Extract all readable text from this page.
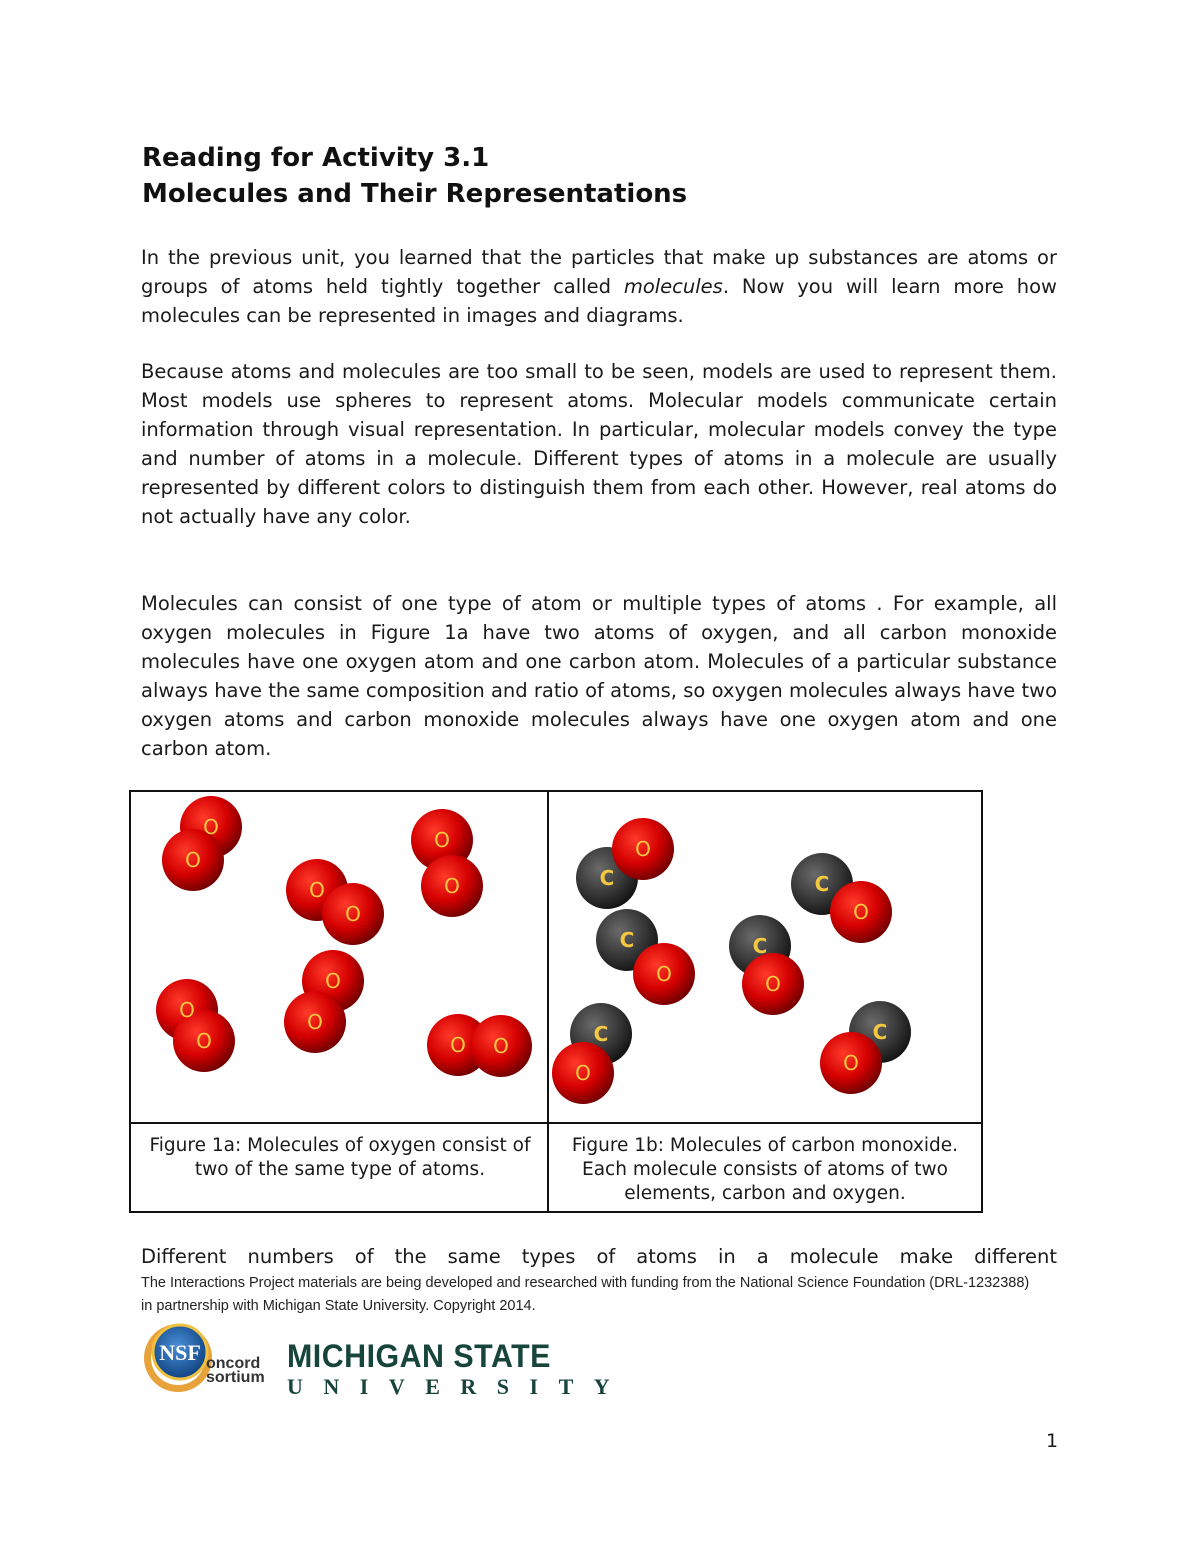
Reading for Activity 3.1
Molecules and Their Representations
In the previous unit, you learned that the particles that make up substances are atoms or groups of atoms held tightly together called molecules. Now you will learn more how molecules can be represented in images and diagrams.
Because atoms and molecules are too small to be seen, models are used to represent them. Most models use spheres to represent atoms. Molecular models communicate certain information through visual representation. In particular, molecular models convey the type and number of atoms in a molecule. Different types of atoms in a molecule are usually represented by different colors to distinguish them from each other. However, real atoms do not actually have any color.
Molecules can consist of one type of atom or multiple types of atoms . For example, all oxygen molecules in Figure 1a have two atoms of oxygen, and all carbon monoxide molecules have one oxygen atom and one carbon atom. Molecules of a particular substance always have the same composition and ratio of atoms, so oxygen molecules always have two oxygen atoms and carbon monoxide molecules always have one oxygen atom and one carbon atom.
O
O
O
O
O
O
O
O
O
O
O O
C
O
C
O
C
O
C
O
C
O
C
O
Figure 1a: Molecules of oxygen consist of two of the same type of atoms.
Figure 1b: Molecules of carbon monoxide. Each molecule consists of atoms of two elements, carbon and oxygen.
Different numbers of the same types of atoms in a molecule make different
The Interactions Project materials are being developed and researched with funding from the National Science Foundation (DRL-1232388) in partnership with Michigan State University. Copyright 2014.
NSF oncord
sortium
MICHIGAN STATE
UNIVERSITY
1
